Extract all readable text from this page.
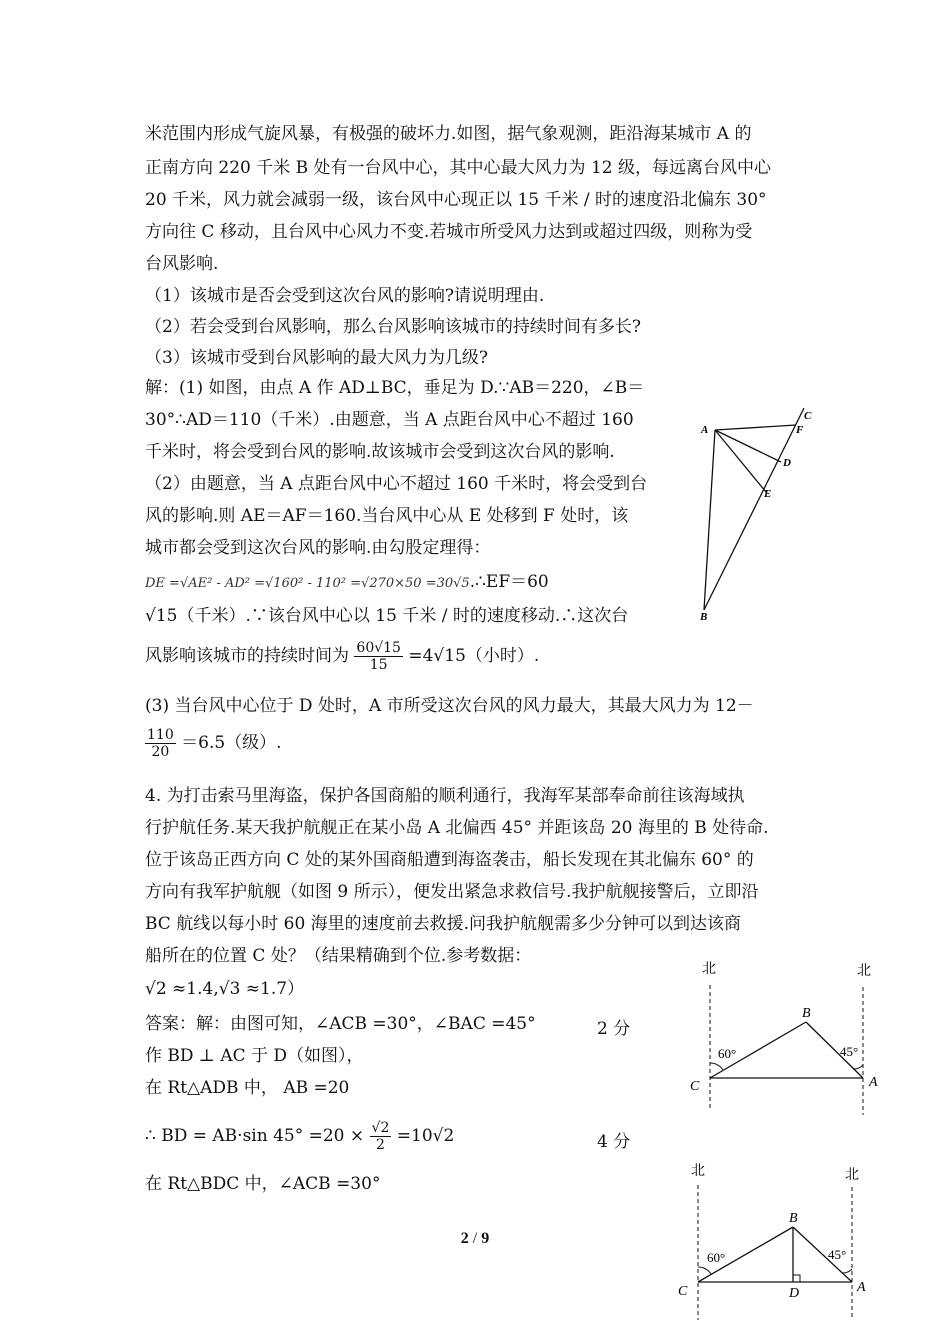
米范围内形成气旋风暴，有极强的破坏力.如图，据气象观测，距沿海某城市 A 的
正南方向 220 千米 B 处有一台风中心，其中心最大风力为 12 级，每远离台风中心
20 千米，风力就会减弱一级，该台风中心现正以 15 千米 / 时的速度沿北偏东 30°
方向往 C 移动，且台风中心风力不变.若城市所受风力达到或超过四级，则称为受
台风影响.
（1）该城市是否会受到这次台风的影响?请说明理由.
（2）若会受到台风影响，那么台风影响该城市的持续时间有多长?
（3）该城市受到台风影响的最大风力为几级?
解：(1) 如图，由点 A 作 AD⊥BC，垂足为 D.∵AB＝220，∠B＝
30°∴AD＝110（千米）.由题意，当 A 点距台风中心不超过 160
千米时，将会受到台风的影响.故该城市会受到这次台风的影响.
（2）由题意，当 A 点距台风中心不超过 160 千米时，将会受到台
风的影响.则 AE＝AF＝160.当台风中心从 E 处移到 F 处时，该
城市都会受到这次台风的影响.由勾股定理得：
DE =√AE² - AD² =√160² - 110² =√270×50 =30√5.∴EF＝60
√15（千米）.∵该台风中心以 15 千米 / 时的速度移动.∴这次台
风影响该城市的持续时间为 $\frac{60√15}{15} =4√15$（小时）.
(3) 当台风中心位于 D 处时，A 市所受这次台风的风力最大，其最大风力为 12－
$\frac{110}{20} =6.5$（级）.
A
B
C
F
D
E
4. 为打击索马里海盗，保护各国商船的顺利通行，我海军某部奉命前往该海域执
行护航任务.某天我护航舰正在某小岛 A 北偏西 45° 并距该岛 20 海里的 B 处待命.
位于该岛正西方向 C 处的某外国商船遭到海盗袭击，船长发现在其北偏东 60° 的
方向有我军护航舰（如图 9 所示），便发出紧急求救信号.我护航舰接警后，立即沿
BC 航线以每小时 60 海里的速度前去救援.问我护航舰需多少分钟可以到达该商
船所在的位置 C 处？（结果精确到个位.参考数据：
√2 ≈1.4,√3 ≈1.7）
答案：解：由图可知，∠ACB =30°，∠BAC =45°	2 分
作 BD ⊥ AC 于 D（如图），
在 Rt△ADB 中， AB =20
∴ BD = AB·sin $45^\circ =20 \times \frac{√2}{2} =10√2$	4 分
在 Rt△BDC 中，∠ACB =30°
北	北
B
C	A
60°	45°
北	北
B
C	A
D
60°	45°
2 / 9
